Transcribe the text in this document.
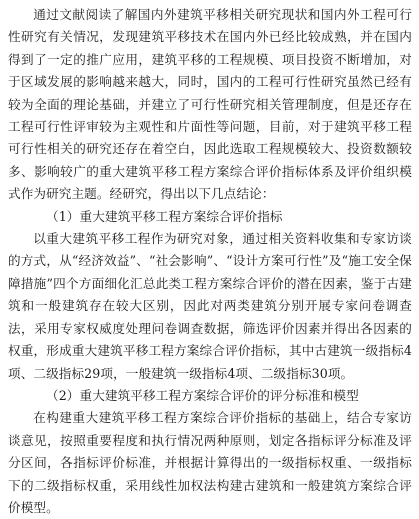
通过文献阅读了解国内外建筑平移相关研究现状和国内外工程可行性研究有关情况，发现建筑平移技术在国内外已经比较成熟，并在国内得到了一定的推广应用，建筑平移的工程规模、项目投资不断增加，对于区域发展的影响越来越大，同时，国内的工程可行性研究虽然已经有较为全面的理论基础，并建立了可行性研究相关管理制度，但是还存在工程可行性评审较为主观性和片面性等问题，目前，对于建筑平移工程可行性相关的研究还存在着空白，因此选取工程规模较大、投资数额较多、影响较广的重大建筑平移工程方案综合评价指标体系及评价组织模式作为研究主题。经研究，得出以下几点结论：

（1）重大建筑平移工程方案综合评价指标

以重大建筑平移工程作为研究对象，通过相关资料收集和专家访谈的方式，从“经济效益”、“社会影响”、“设计方案可行性”及“施工安全保障措施”四个方面细化汇总此类工程方案综合评价的潜在因素，鉴于古建筑和一般建筑存在较大区别，因此对两类建筑分别开展专家问卷调查法，采用专家权威度处理问卷调查数据，筛选评价因素并得出各因素的权重，形成重大建筑平移工程方案综合评价指标，其中古建筑一级指标4项、二级指标29项，一般建筑一级指标4项、二级指标30项。

（2）重大建筑平移工程方案综合评价的评分标准和模型

在构建重大建筑平移工程方案综合评价指标的基础上，结合专家访谈意见，按照重要程度和执行情况两种原则，划定各指标评分标准及评分区间，各指标评价标准，并根据计算得出的一级指标权重、一级指标下的二级指标权重，采用线性加权法构建古建筑和一般建筑方案综合评价模型。
